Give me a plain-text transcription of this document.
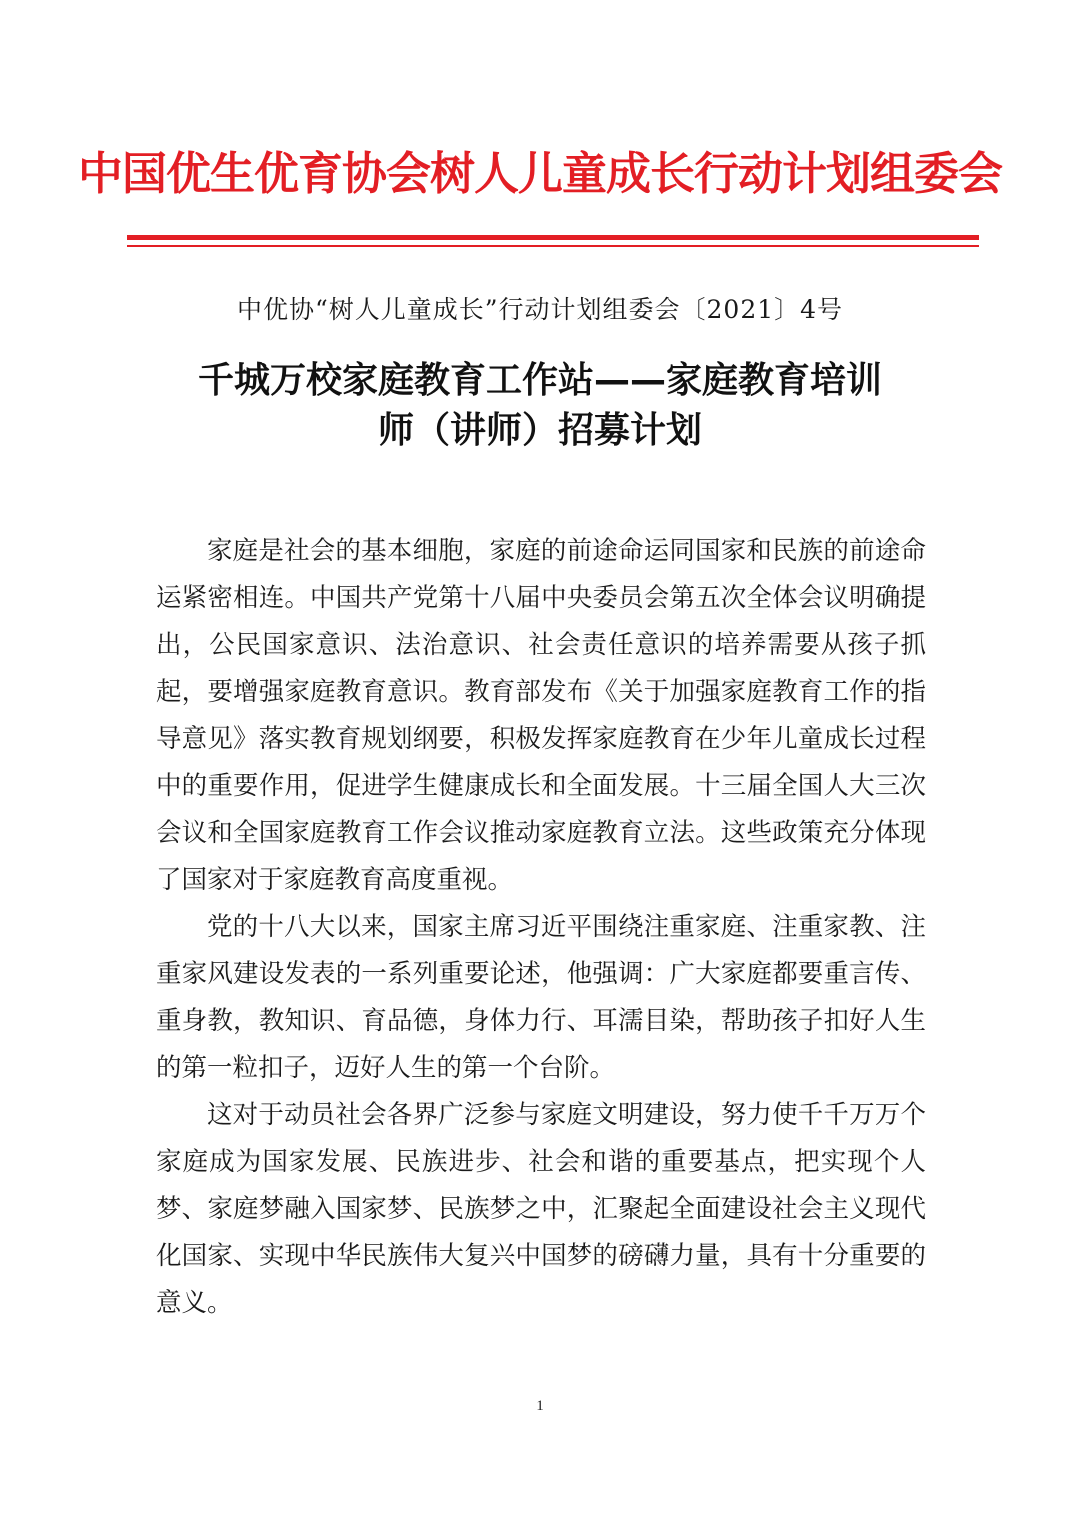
中国优生优育协会树人儿童成长行动计划组委会
中优协“树人儿童成长”行动计划组委会〔2021〕4号
千城万校家庭教育工作站——家庭教育培训
师（讲师）招募计划

家庭是社会的基本细胞，家庭的前途命运同国家和民族的前途命运紧密相连。中国共产党第十八届中央委员会第五次全体会议明确提出，公民国家意识、法治意识、社会责任意识的培养需要从孩子抓起，要增强家庭教育意识。教育部发布《关于加强家庭教育工作的指导意见》落实教育规划纲要，积极发挥家庭教育在少年儿童成长过程中的重要作用，促进学生健康成长和全面发展。十三届全国人大三次会议和全国家庭教育工作会议推动家庭教育立法。这些政策充分体现了国家对于家庭教育高度重视。

党的十八大以来，国家主席习近平围绕注重家庭、注重家教、注重家风建设发表的一系列重要论述，他强调：广大家庭都要重言传、重身教，教知识、育品德，身体力行、耳濡目染，帮助孩子扣好人生的第一粒扣子，迈好人生的第一个台阶。

这对于动员社会各界广泛参与家庭文明建设，努力使千千万万个家庭成为国家发展、民族进步、社会和谐的重要基点，把实现个人梦、家庭梦融入国家梦、民族梦之中，汇聚起全面建设社会主义现代化国家、实现中华民族伟大复兴中国梦的磅礴力量，具有十分重要的意义。

1
